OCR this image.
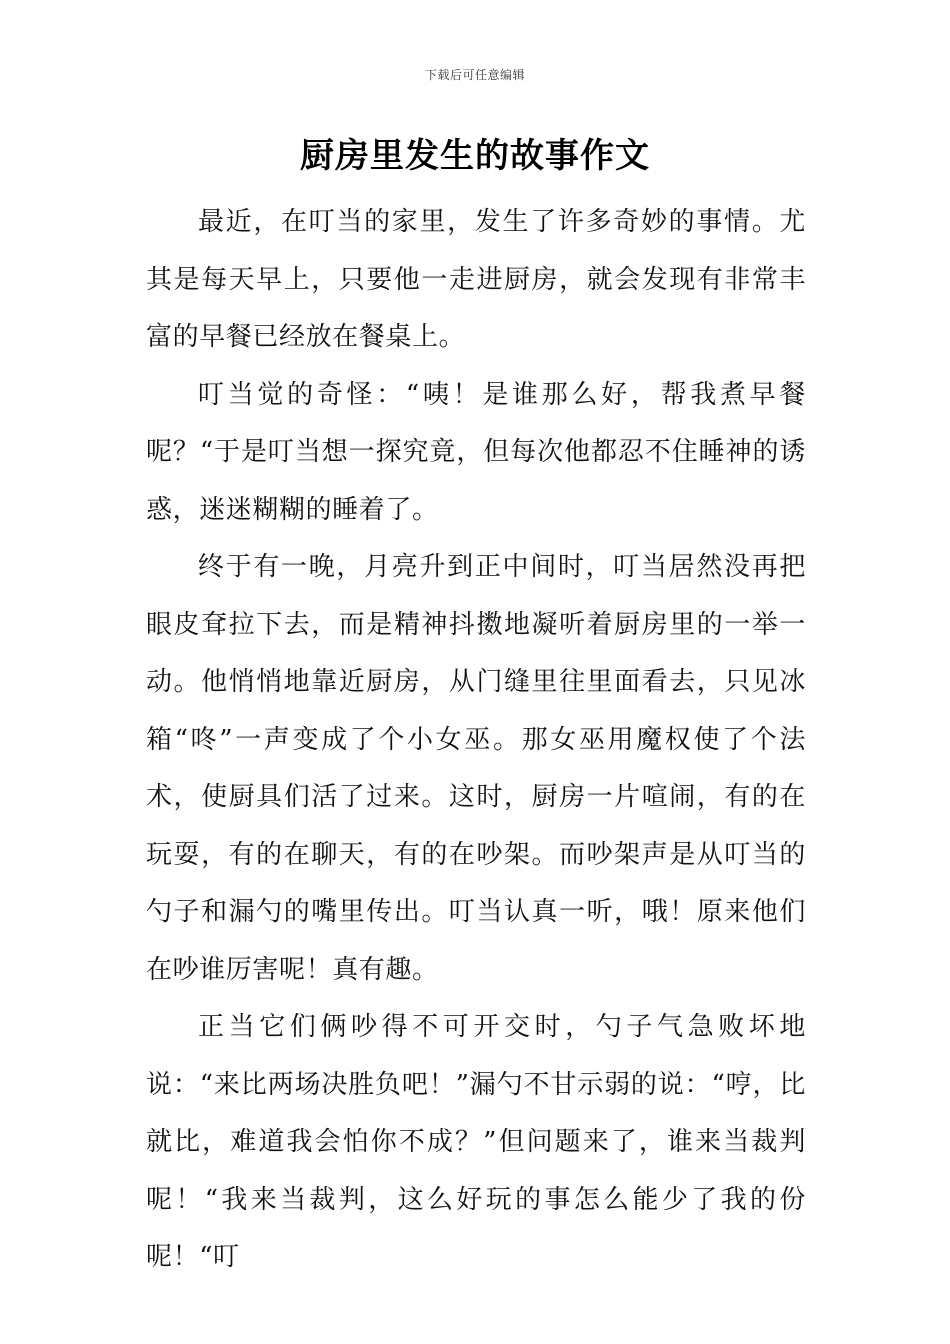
下载后可任意编辑
厨房里发生的故事作文

最近，在叮当的家里，发生了许多奇妙的事情。尤其是每天早上，只要他一走进厨房，就会发现有非常丰富的早餐已经放在餐桌上。

叮当觉的奇怪：“咦！是谁那么好，帮我煮早餐呢？“于是叮当想一探究竟，但每次他都忍不住睡神的诱惑，迷迷糊糊的睡着了。

终于有一晚，月亮升到正中间时，叮当居然没再把眼皮耷拉下去，而是精神抖擞地凝听着厨房里的一举一动。他悄悄地靠近厨房，从门缝里往里面看去，只见冰箱“咚”一声变成了个小女巫。那女巫用魔权使了个法术，使厨具们活了过来。这时，厨房一片喧闹，有的在玩耍，有的在聊天，有的在吵架。而吵架声是从叮当的勺子和漏勺的嘴里传出。叮当认真一听，哦！原来他们在吵谁厉害呢！真有趣。

正当它们俩吵得不可开交时，勺子气急败坏地说：“来比两场决胜负吧！”漏勺不甘示弱的说：“哼，比就比，难道我会怕你不成？”但问题来了，谁来当裁判呢！“我来当裁判，这么好玩的事怎么能少了我的份呢！“叮
